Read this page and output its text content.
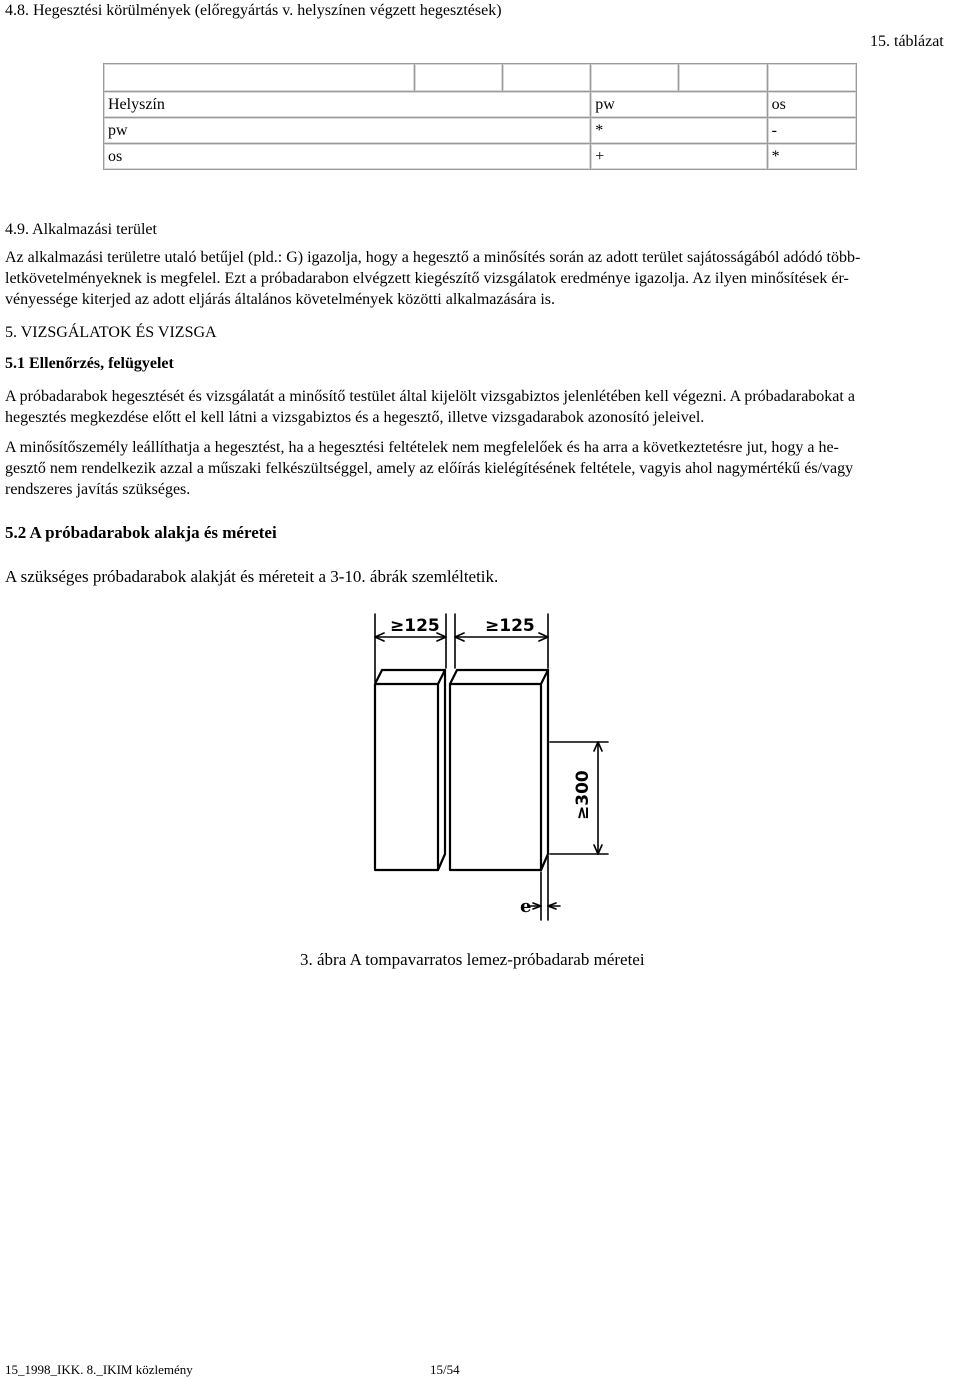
4.8. Hegesztési körülmények (előregyártás v. helyszínen végzett hegesztések)
15. táblázat

Helyszín			pw		os
pw			*		-
os			+		*
4.9. Alkalmazási terület
Az alkalmazási területre utaló betűjel (pld.: G) igazolja, hogy a hegesztő a minősítés során az adott terület sajátosságából adódó több-
letkövetelményeknek is megfelel. Ezt a próbadarabon elvégzett kiegészítő vizsgálatok eredménye igazolja. Az ilyen minősítések ér-
vényessége kiterjed az adott eljárás általános követelmények közötti alkalmazására is.
5. VIZSGÁLATOK ÉS VIZSGA
5.1 Ellenőrzés, felügyelet
A próbadarabok hegesztését és vizsgálatát a minősítő testület által kijelölt vizsgabiztos jelenlétében kell végezni. A próbadarabokat a
hegesztés megkezdése előtt el kell látni a vizsgabiztos és a hegesztő, illetve vizsgadarabok azonosító jeleivel.
A minősítőszemély leállíthatja a hegesztést, ha a hegesztési feltételek nem megfelelőek és ha arra a következtetésre jut, hogy a he-
gesztő nem rendelkezik azzal a műszaki felkészültséggel, amely az előírás kielégítésének feltétele, vagyis ahol nagymértékű és/vagy
rendszeres javítás szükséges.
5.2 A próbadarabok alakja és méretei
A szükséges próbadarabok alakját és méreteit a 3-10. ábrák szemléltetik.
≥125	≥125
≥300
e
3. ábra A tompavarratos lemez-próbadarab méretei
15_1998_IKK. 8._IKIM közlemény	15/54
